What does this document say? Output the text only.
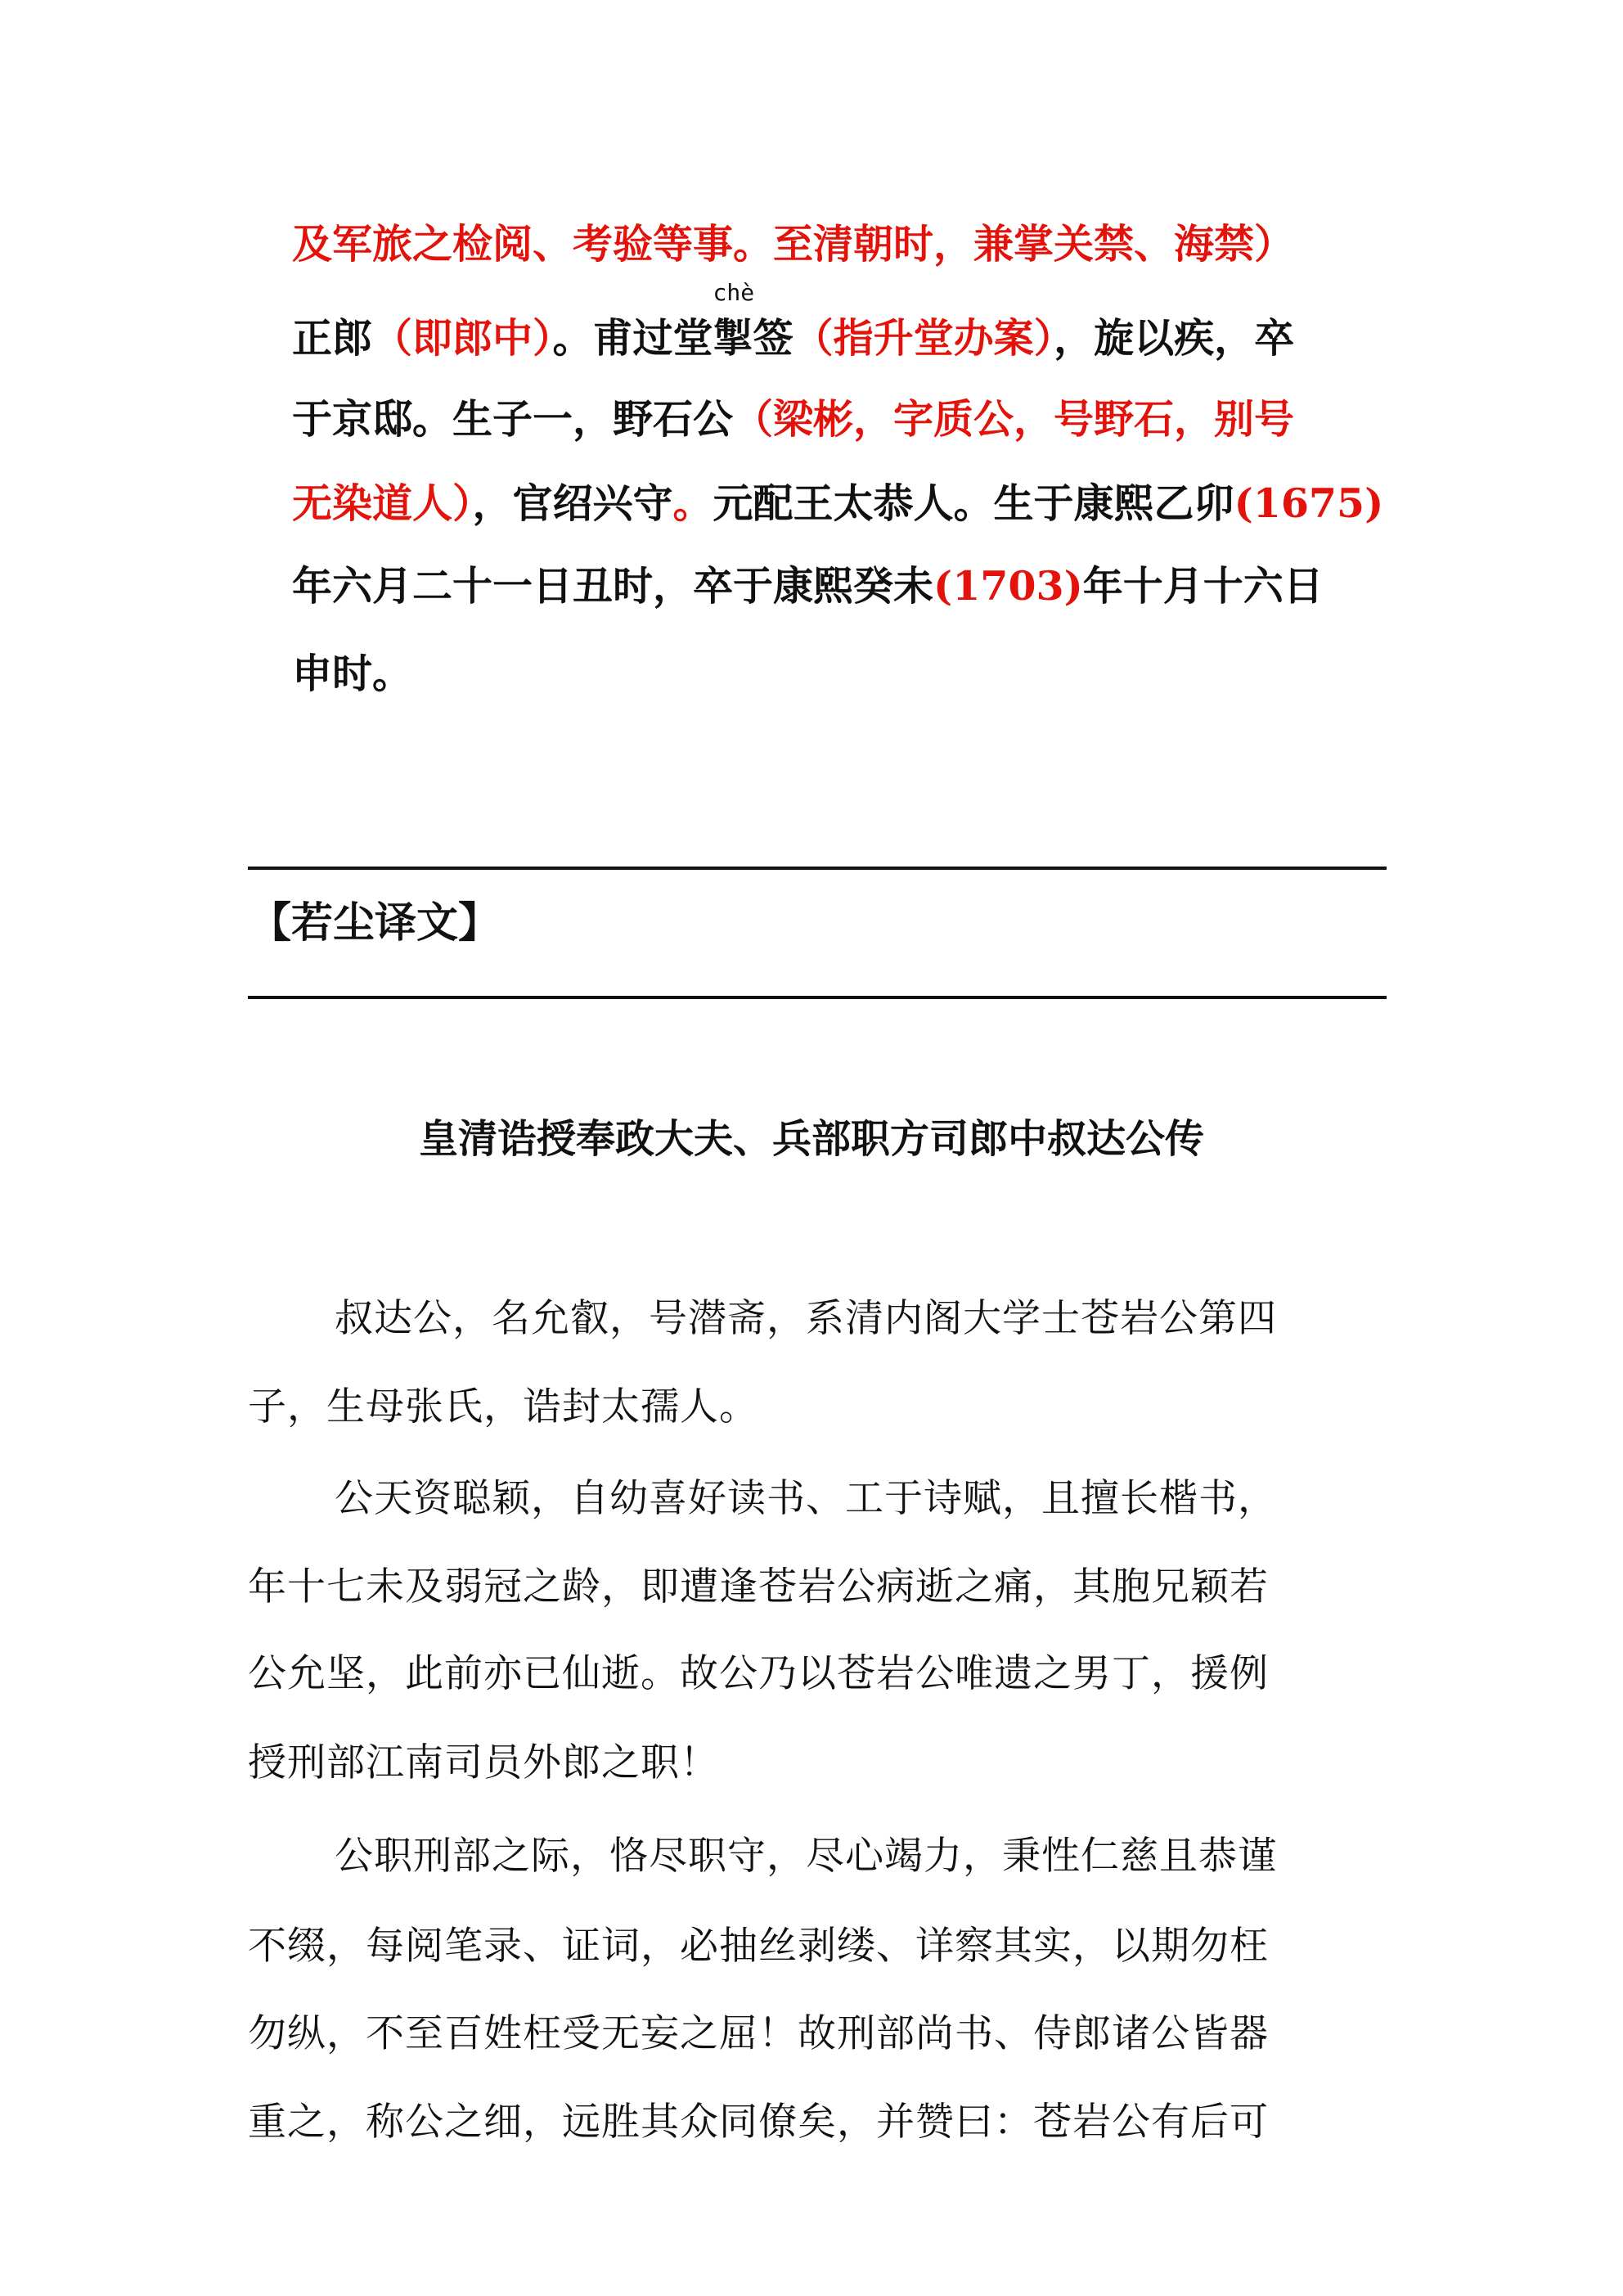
及军旅之检阅、考验等事。至清朝时，兼掌关禁、海禁）
正郎（即郎中）。甫过堂
chè
掣签（指升堂办案），旋以疾，卒
于京邸。生子一，野石公（梁彬，字质公，号野石，别号
无染道人），官绍兴守。元配王太恭人。生于康熙乙卯(1675)
年六月二十一日丑时，卒于康熙癸未(1703)年十月十六日
申时。
【若尘译文】
皇清诰授奉政大夫、兵部职方司郎中叔达公传
叔达公，名允叡，号潜斋，系清内阁大学士苍岩公第四
子，生母张氏，诰封太孺人。
公天资聪颖，自幼喜好读书、工于诗赋，且擅长楷书，
年十七未及弱冠之龄，即遭逢苍岩公病逝之痛，其胞兄颖若
公允坚，此前亦已仙逝。故公乃以苍岩公唯遗之男丁，援例
授刑部江南司员外郎之职！
公职刑部之际，恪尽职守，尽心竭力，秉性仁慈且恭谨
不缀，每阅笔录、证词，必抽丝剥缕、详察其实，以期勿枉
勿纵，不至百姓枉受无妄之屈！故刑部尚书、侍郎诸公皆器
重之，称公之细，远胜其众同僚矣，并赞曰：苍岩公有后可
